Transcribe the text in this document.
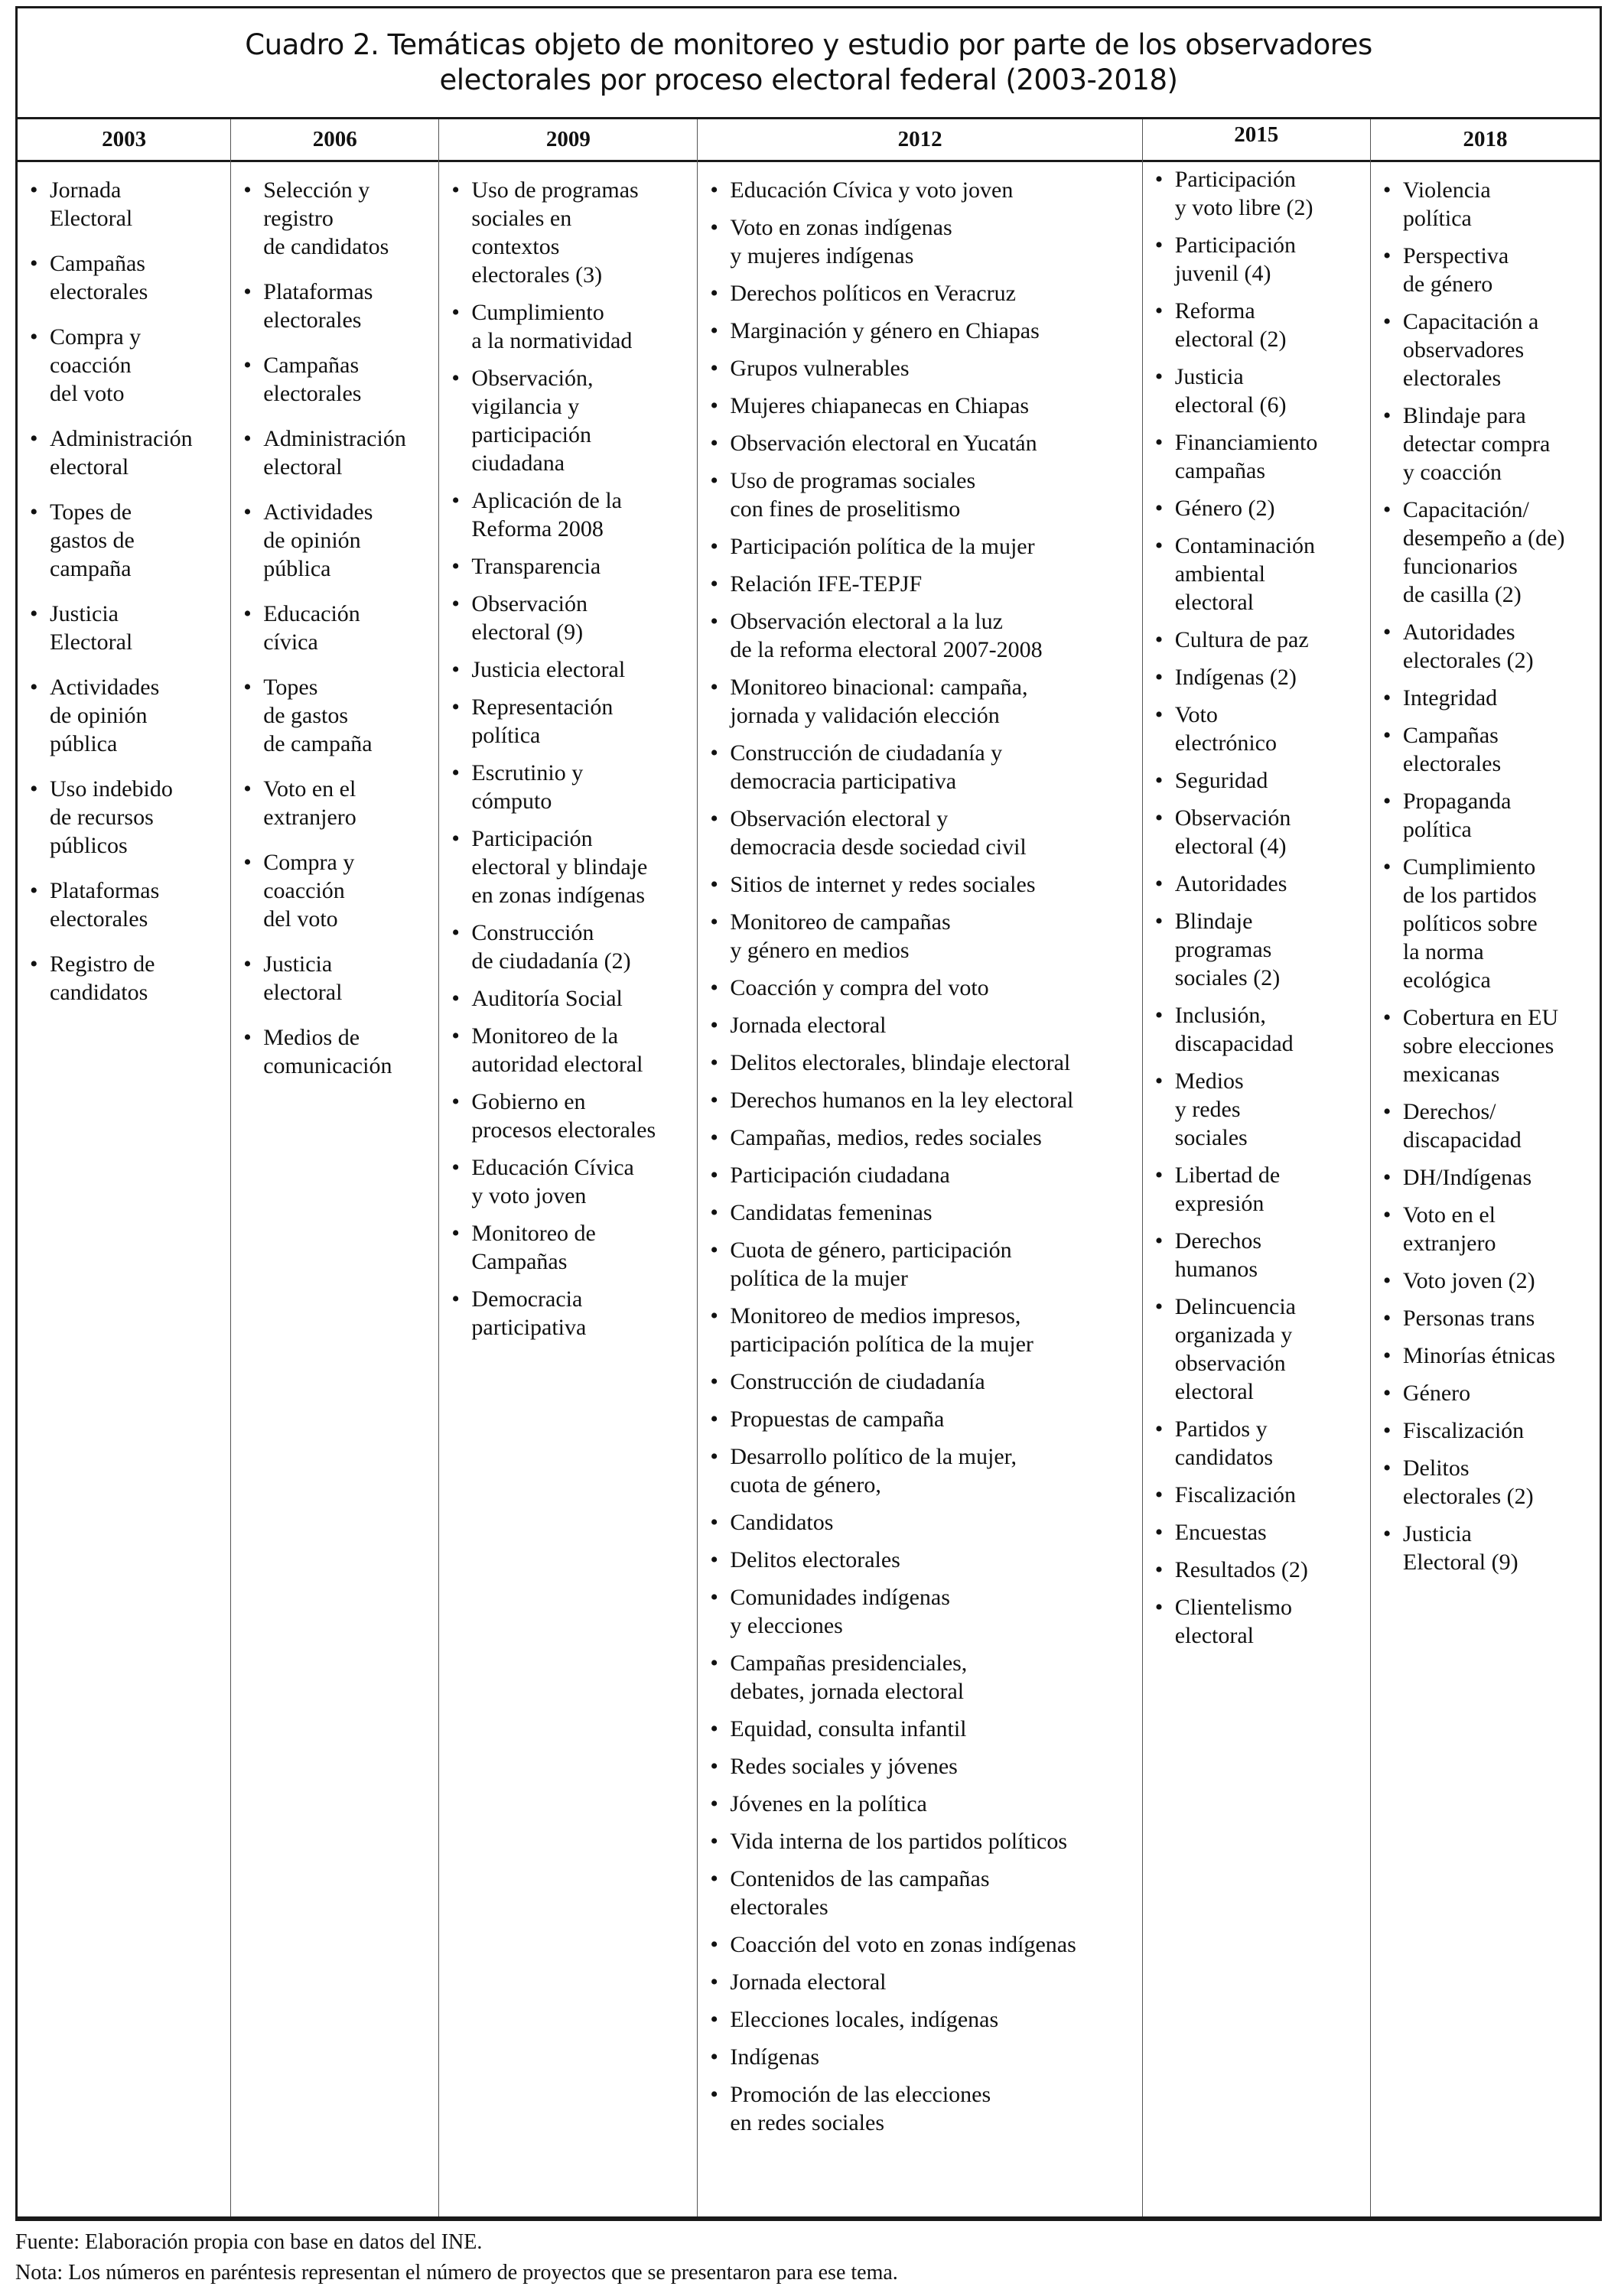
Cuadro 2. Temáticas objeto de monitoreo y estudio por parte de los observadores
electorales por proceso electoral federal (2003-2018)
2003
• Jornada
Electoral
• Campañas
electorales
• Compra y
coacción
del voto
• Administración
electoral
• Topes de
gastos de
campaña
• Justicia
Electoral
• Actividades
de opinión
pública
• Uso indebido
de recursos
públicos
• Plataformas
electorales
• Registro de
candidatos
2006
• Selección y
registro
de candidatos
• Plataformas
electorales
• Campañas
electorales
• Administración
electoral
• Actividades
de opinión
pública
• Educación
cívica
• Topes
de gastos
de campaña
• Voto en el
extranjero
• Compra y
coacción
del voto
• Justicia
electoral
• Medios de
comunicación
2009
• Uso de programas
sociales en
contextos
electorales (3)
• Cumplimiento
a la normatividad
• Observación,
vigilancia y
participación
ciudadana
• Aplicación de la
Reforma 2008
• Transparencia
• Observación
electoral (9)
• Justicia electoral
• Representación
política
• Escrutinio y
cómputo
• Participación
electoral y blindaje
en zonas indígenas
• Construcción
de ciudadanía (2)
• Auditoría Social
• Monitoreo de la
autoridad electoral
• Gobierno en
procesos electorales
• Educación Cívica
y voto joven
• Monitoreo de
Campañas
• Democracia
participativa
2012
• Educación Cívica y voto joven
• Voto en zonas indígenas
y mujeres indígenas
• Derechos políticos en Veracruz
• Marginación y género en Chiapas
• Grupos vulnerables
• Mujeres chiapanecas en Chiapas
• Observación electoral en Yucatán
• Uso de programas sociales
con fines de proselitismo
• Participación política de la mujer
• Relación IFE-TEPJF
• Observación electoral a la luz
de la reforma electoral 2007-2008
• Monitoreo binacional: campaña,
jornada y validación elección
• Construcción de ciudadanía y
democracia participativa
• Observación electoral y
democracia desde sociedad civil
• Sitios de internet y redes sociales
• Monitoreo de campañas
y género en medios
• Coacción y compra del voto
• Jornada electoral
• Delitos electorales, blindaje electoral
• Derechos humanos en la ley electoral
• Campañas, medios, redes sociales
• Participación ciudadana
• Candidatas femeninas
• Cuota de género, participación
política de la mujer
• Monitoreo de medios impresos,
participación política de la mujer
• Construcción de ciudadanía
• Propuestas de campaña
• Desarrollo político de la mujer,
cuota de género,
• Candidatos
• Delitos electorales
• Comunidades indígenas
y elecciones
• Campañas presidenciales,
debates, jornada electoral
• Equidad, consulta infantil
• Redes sociales y jóvenes
• Jóvenes en la política
• Vida interna de los partidos políticos
• Contenidos de las campañas
electorales
• Coacción del voto en zonas indígenas
• Jornada electoral
• Elecciones locales, indígenas
• Indígenas
• Promoción de las elecciones
en redes sociales
2015
• Participación
y voto libre (2)
• Participación
juvenil (4)
• Reforma
electoral (2)
• Justicia
electoral (6)
• Financiamiento
campañas
• Género (2)
• Contaminación
ambiental
electoral
• Cultura de paz
• Indígenas (2)
• Voto
electrónico
• Seguridad
• Observación
electoral (4)
• Autoridades
• Blindaje
programas
sociales (2)
• Inclusión,
discapacidad
• Medios
y redes
sociales
• Libertad de
expresión
• Derechos
humanos
• Delincuencia
organizada y
observación
electoral
• Partidos y
candidatos
• Fiscalización
• Encuestas
• Resultados (2)
• Clientelismo
electoral
2018
• Violencia
política
• Perspectiva
de género
• Capacitación a
observadores
electorales
• Blindaje para
detectar compra
y coacción
• Capacitación/
desempeño a (de)
funcionarios
de casilla (2)
• Autoridades
electorales (2)
• Integridad
• Campañas
electorales
• Propaganda
política
• Cumplimiento
de los partidos
políticos sobre
la norma
ecológica
• Cobertura en EU
sobre elecciones
mexicanas
• Derechos/
discapacidad
• DH/Indígenas
• Voto en el
extranjero
• Voto joven (2)
• Personas trans
• Minorías étnicas
• Género
• Fiscalización
• Delitos
electorales (2)
• Justicia
Electoral (9)
Fuente: Elaboración propia con base en datos del INE.
Nota: Los números en paréntesis representan el número de proyectos que se presentaron para ese tema.
